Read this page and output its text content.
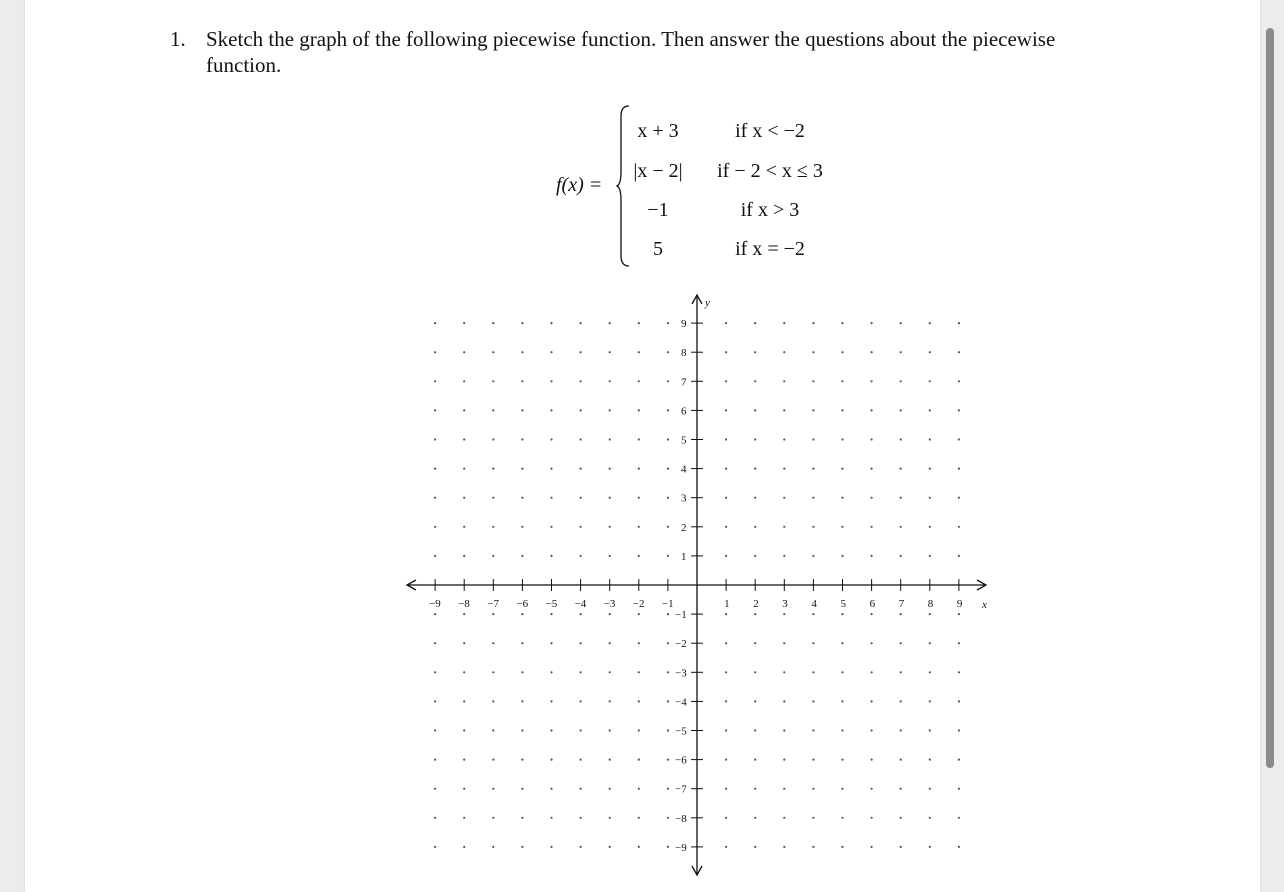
1. Sketch the graph of the following piecewise function. Then answer the questions about the piecewise function.
f(x) =
x + 3	if x < −2
|x − 2|	if − 2 < x ≤ 3
−1	if x > 3
5	if x = −2
x
y
−9 −8 −7 −6 −5 −4 −3 −2 −1	1 2 3 4 5 6 7 8 9
1
2
3
4
5
6
7
8
9
−1
−2
−3
−4
−5
−6
−7
−8
−9
